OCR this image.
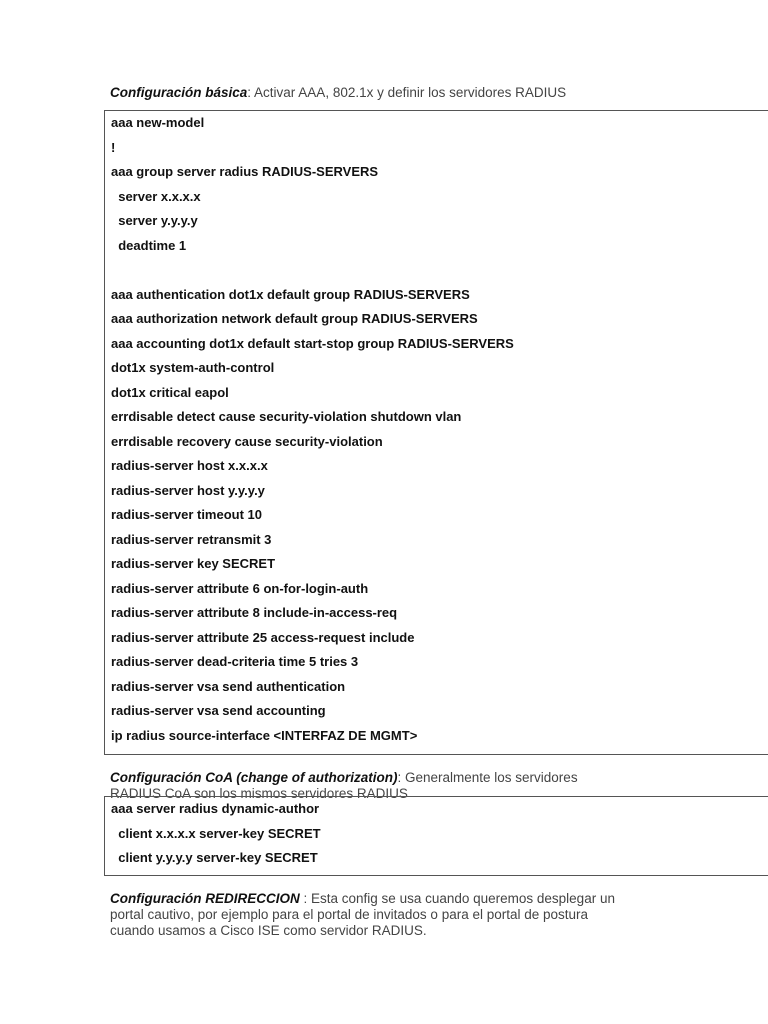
Configuración básica: Activar AAA, 802.1x y definir los servidores RADIUS
aaa new-model
!
aaa group server radius RADIUS-SERVERS
server x.x.x.x
server y.y.y.y
deadtime 1
aaa authentication dot1x default group RADIUS-SERVERS
aaa authorization network default group RADIUS-SERVERS
aaa accounting dot1x default start-stop group RADIUS-SERVERS
dot1x system-auth-control
dot1x critical eapol
errdisable detect cause security-violation shutdown vlan
errdisable recovery cause security-violation
radius-server host x.x.x.x
radius-server host y.y.y.y
radius-server timeout 10
radius-server retransmit 3
radius-server key SECRET
radius-server attribute 6 on-for-login-auth
radius-server attribute 8 include-in-access-req
radius-server attribute 25 access-request include
radius-server dead-criteria time 5 tries 3
radius-server vsa send authentication
radius-server vsa send accounting
ip radius source-interface <INTERFAZ DE MGMT>

Configuración CoA (change of authorization): Generalmente los servidores
RADIUS CoA son los mismos servidores RADIUS

aaa server radius dynamic-author
client x.x.x.x server-key SECRET
client y.y.y.y server-key SECRET

Configuración REDIRECCION : Esta config se usa cuando queremos desplegar un
portal cautivo, por ejemplo para el portal de invitados o para el portal de postura
cuando usamos a Cisco ISE como servidor RADIUS.
